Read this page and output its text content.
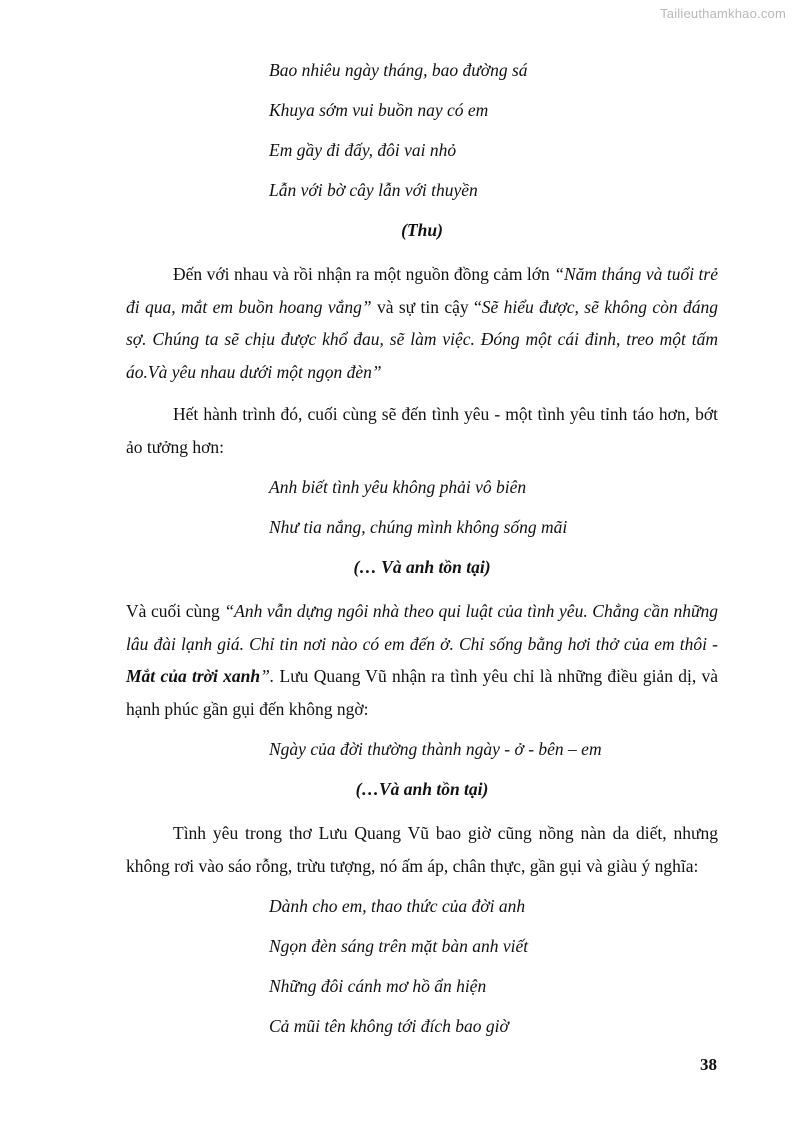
Tailieuthamkhao.com

Bao nhiêu ngày tháng, bao đường sá

Khuya sớm vui buồn nay có em

Em gầy đi đấy, đôi vai nhỏ

Lẫn với bờ cây lẫn với thuyền

(Thu)

Đến với nhau và rồi nhận ra một nguồn đồng cảm lớn “Năm tháng và tuổi trẻ đi qua, mắt em buồn hoang vắng” và sự tin cậy “Sẽ hiểu được, sẽ không còn đáng sợ. Chúng ta sẽ chịu được khổ đau, sẽ làm việc. Đóng một cái đinh, treo một tấm áo.Và yêu nhau dưới một ngọn đèn”

Hết hành trình đó, cuối cùng sẽ đến tình yêu - một tình yêu tỉnh táo hơn, bớt ảo tưởng hơn:

Anh biết tình yêu không phải vô biên

Như tia nắng, chúng mình không sống mãi

(… Và anh tồn tại)

Và cuối cùng “Anh vẫn dựng ngôi nhà theo qui luật của tình yêu. Chẳng cần những lâu đài lạnh giá. Chỉ tin nơi nào có em đến ở. Chỉ sống bằng hơi thở của em thôi - Mắt của trời xanh”. Lưu Quang Vũ nhận ra tình yêu chỉ là những điều giản dị, và hạnh phúc gần gụi đến không ngờ:

Ngày của đời thường thành ngày - ở - bên – em

(…Và anh tồn tại)

Tình yêu trong thơ Lưu Quang Vũ bao giờ cũng nồng nàn da diết, nhưng không rơi vào sáo rỗng, trừu tượng, nó ấm áp, chân thực, gần gụi và giàu ý nghĩa:

Dành cho em, thao thức của đời anh

Ngọn đèn sáng trên mặt bàn anh viết

Những đôi cánh mơ hồ ẩn hiện

Cả mũi tên không tới đích bao giờ

38
